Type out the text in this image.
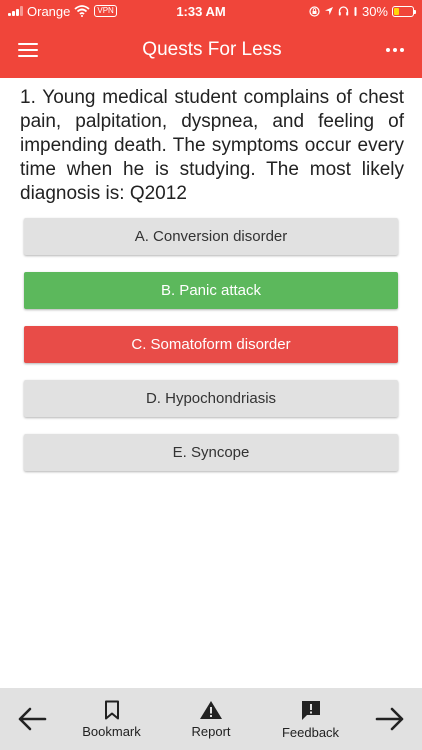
Orange	VPN	1:33 AM	30%
Quests For Less
1. Young medical student complains of chest pain, palpitation, dyspnea, and feeling of impending death. The symptoms occur every time when he is studying. The most likely diagnosis is: Q2012
A. Conversion disorder
B. Panic attack
C. Somatoform disorder
D. Hypochondriasis
E. Syncope
Bookmark	Report	Feedback
